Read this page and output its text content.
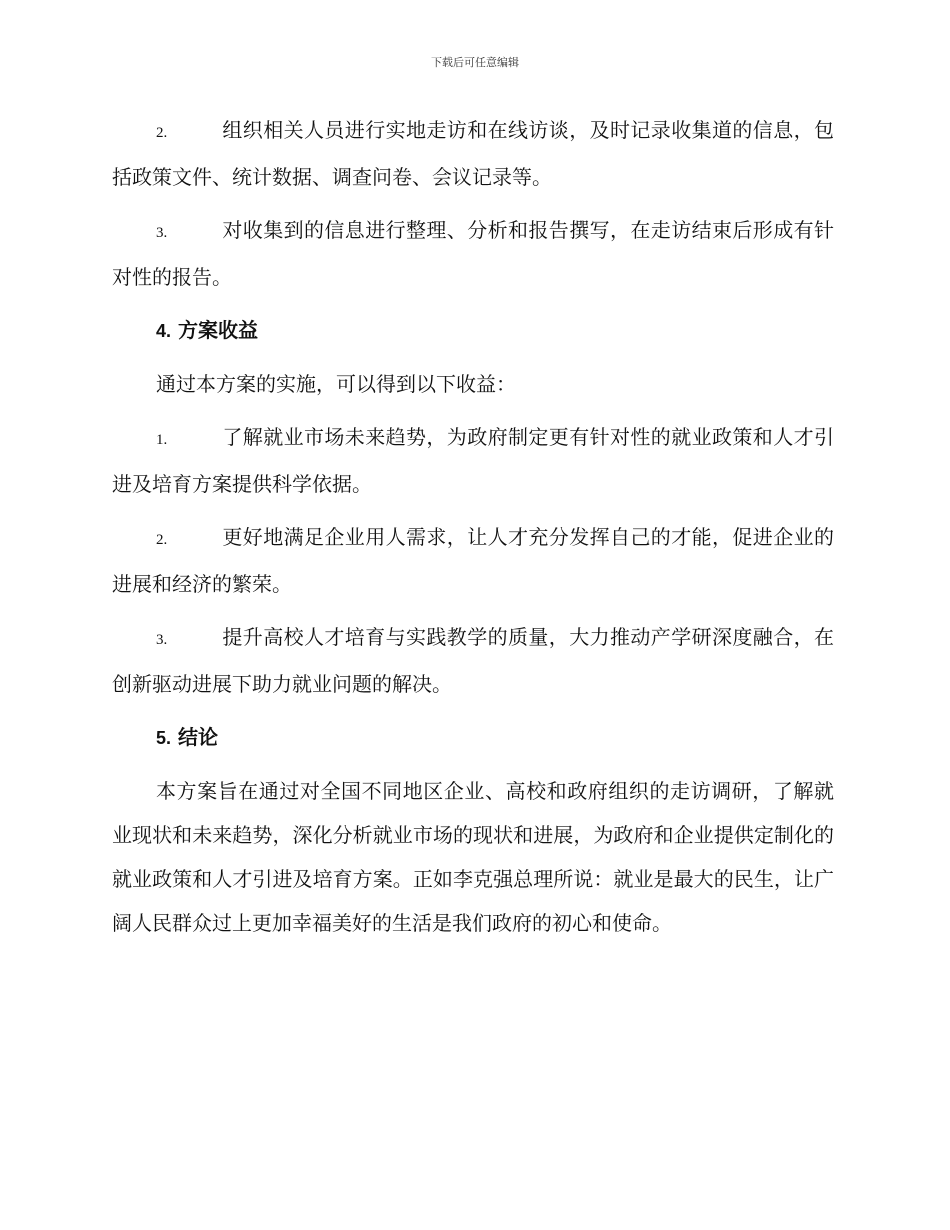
下载后可任意编辑

2.	组织相关人员进行实地走访和在线访谈，及时记录收集道的信息，包括政策文件、统计数据、调查问卷、会议记录等。

3.	对收集到的信息进行整理、分析和报告撰写，在走访结束后形成有针对性的报告。

4. 方案收益

通过本方案的实施，可以得到以下收益：

1.	了解就业市场未来趋势，为政府制定更有针对性的就业政策和人才引进及培育方案提供科学依据。

2.	更好地满足企业用人需求，让人才充分发挥自己的才能，促进企业的进展和经济的繁荣。

3.	提升高校人才培育与实践教学的质量，大力推动产学研深度融合，在创新驱动进展下助力就业问题的解决。

5. 结论

本方案旨在通过对全国不同地区企业、高校和政府组织的走访调研，了解就业现状和未来趋势，深化分析就业市场的现状和进展，为政府和企业提供定制化的就业政策和人才引进及培育方案。正如李克强总理所说：就业是最大的民生，让广阔人民群众过上更加幸福美好的生活是我们政府的初心和使命。
